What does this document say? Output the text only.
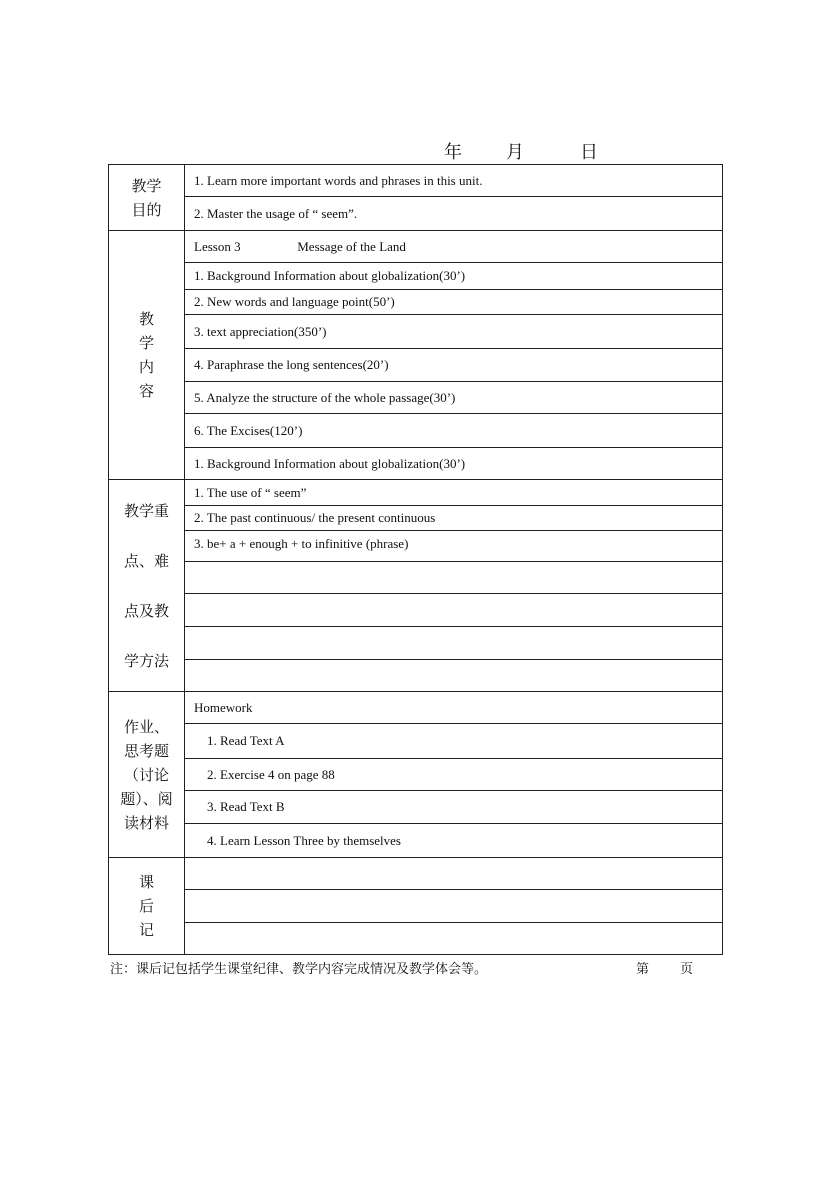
年 月	日
教学
目的	1. Learn more important words and phrases in this unit.
	2. Master the usage of “ seem”.

教
学
内
容	Lesson 3 Message of the Land
	1. Background Information about globalization(30’)
	2. New words and language point(50’)
	3. text appreciation(350’)
	4. Paraphrase the long sentences(20’)
	5. Analyze the structure of the whole passage(30’)
	6. The Excises(120’)
	1. Background Information about globalization(30’)

教学重
点、难
点及教
学方法	1. The use of “ seem”
	2. The past continuous/ the present continuous
	3. be+ a + enough + to infinitive (phrase)

作业、
思考题
（讨论
题）、阅
读材料	Homework
	1. Read Text A
	2. Exercise 4 on page 88
	3. Read Text B
	4. Learn Lesson Three by themselves

课
后
记	

注：课后记包括学生课堂纪律、教学内容完成情况及教学体会等。	第 页
